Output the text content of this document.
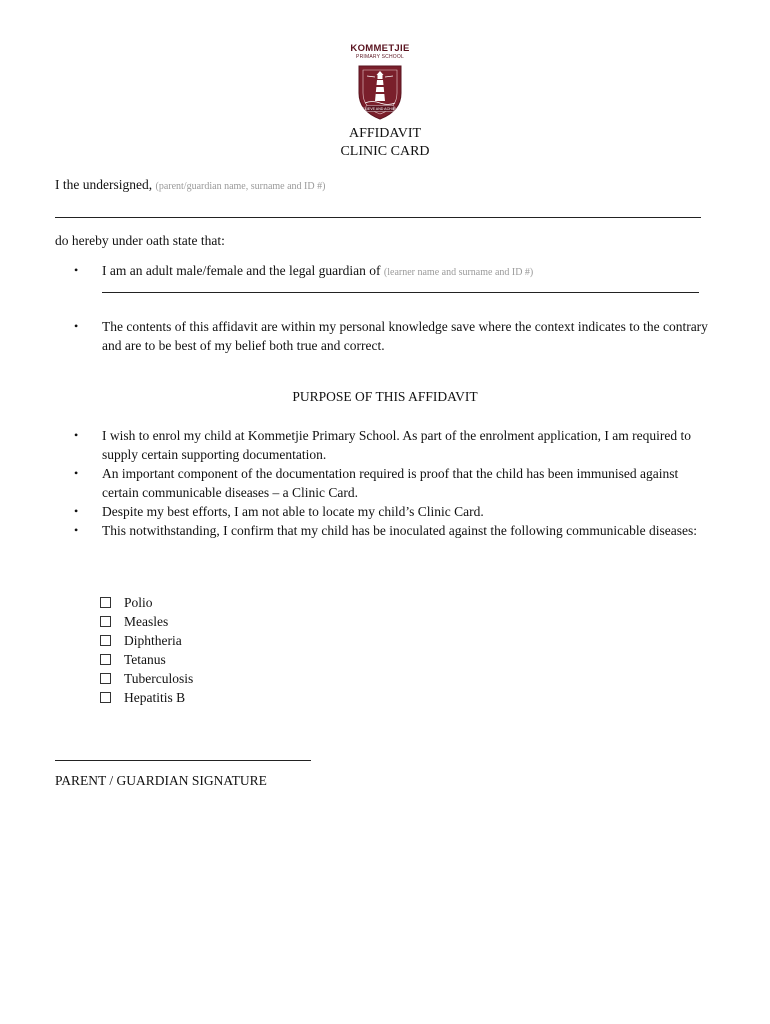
KOMMETJIE
PRIMARY SCHOOL
BELIEVE AND ACHIEVE
AFFIDAVIT
CLINIC CARD
I the undersigned, (parent/guardian name, surname and ID #)
do hereby under oath state that:
• I am an adult male/female and the legal guardian of (learner name and surname and ID #)
• The contents of this affidavit are within my personal knowledge save where the context indicates to the contrary and are to be best of my belief both true and correct.
PURPOSE OF THIS AFFIDAVIT
• I wish to enrol my child at Kommetjie Primary School. As part of the enrolment application, I am required to supply certain supporting documentation.
• An important component of the documentation required is proof that the child has been immunised against certain communicable diseases – a Clinic Card.
• Despite my best efforts, I am not able to locate my child’s Clinic Card.
• This notwithstanding, I confirm that my child has be inoculated against the following communicable diseases:
Polio
Measles
Diphtheria
Tetanus
Tuberculosis
Hepatitis B
PARENT / GUARDIAN SIGNATURE
